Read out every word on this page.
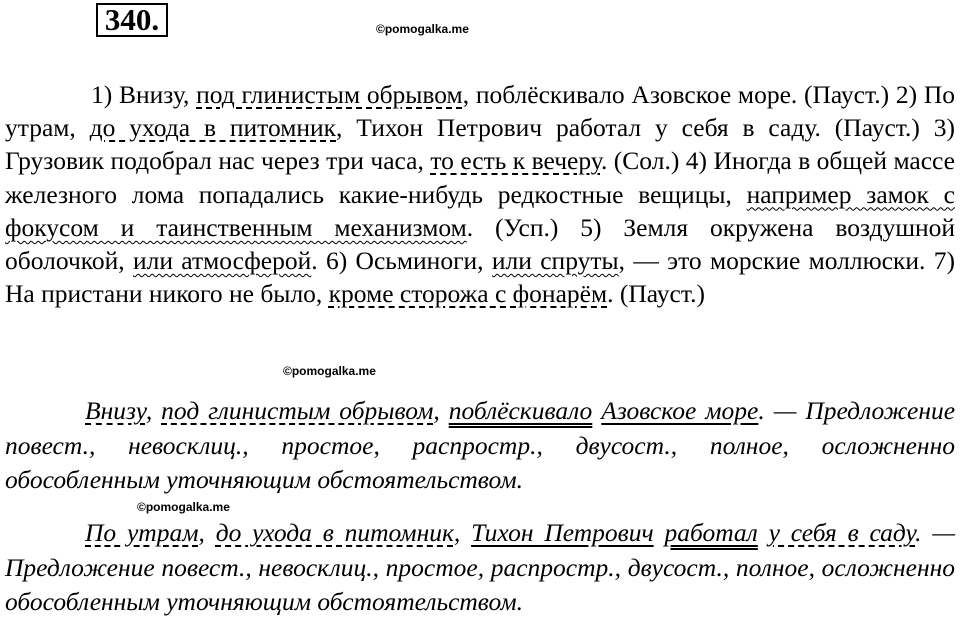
340.	©pomogalka.me
©pomogalka.me
©pomogalka.me
1) Внизу, под глинистым обрывом, поблёскивало Азовское море. (Пауст.) 2) По утрам, до ухода в питомник, Тихон Петрович работал у себя в саду. (Пауст.) 3) Грузовик подобрал нас через три часа, то есть к вечеру. (Сол.) 4) Иногда в общей массе железного лома попадались какие-нибудь редкостные вещицы, например замок с фокусом и таинственным механизмом. (Усп.) 5) Земля окружена воздушной оболочкой, или атмосферой. 6) Осьминоги, или спруты, — это морские моллюски. 7) На пристани никого не было, кроме сторожа с фонарём. (Пауст.)
Внизу, под глинистым обрывом, поблёскивало Азовское море. — Предложение повест., невосклиц., простое, распростр., двусост., полное, осложненно обособленным уточняющим обстоятельством.
По утрам, до ухода в питомник, Тихон Петрович работал у себя в саду. — Предложение повест., невосклиц., простое, распростр., двусост., полное, осложненно обособленным уточняющим обстоятельством.
